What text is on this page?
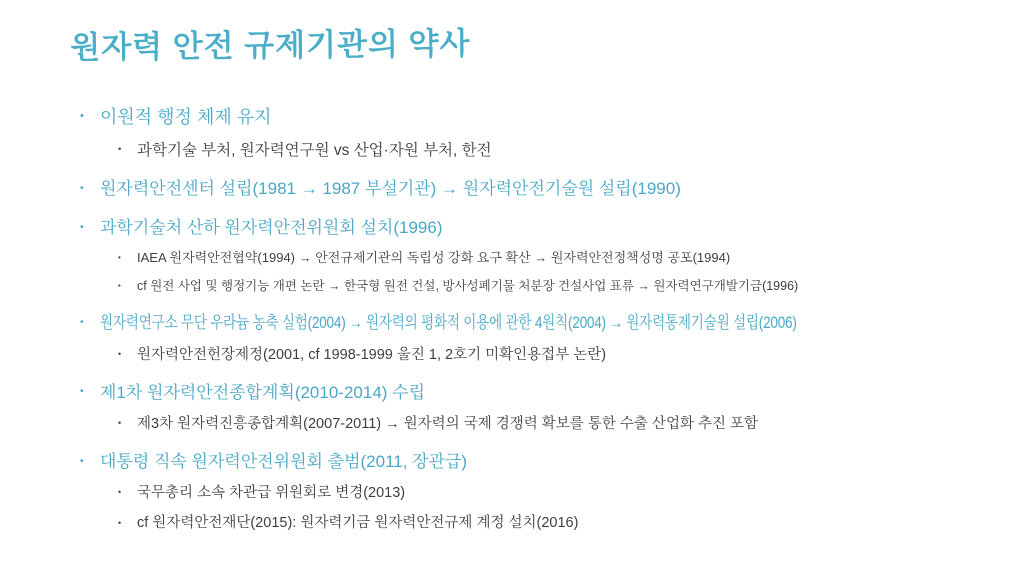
원자력 안전 규제기관의 약사
• 이원적 행정 체제 유지
•	과학기술 부처, 원자력연구원 vs 산업·자원 부처, 한전
• 원자력안전센터 설립(1981 → 1987 부설기관) → 원자력안전기술원 설립(1990)
• 과학기술처 산하 원자력안전위원회 설치(1996)
•	IAEA 원자력안전협약(1994) → 안전규제기관의 독립성 강화 요구 확산 → 원자력안전정책성명 공포(1994)
•	cf 원전 사업 및 행정기능 개편 논란 → 한국형 원전 건설, 방사성폐기물 처분장 건설사업 표류 → 원자력연구개발기금(1996)
• 원자력연구소 무단 우라늄 농축 실험(2004) → 원자력의 평화적 이용에 관한 4원칙(2004) → 원자력통제기술원 설립(2006)
•	원자력안전헌장제정(2001, cf 1998-1999 울진 1, 2호기 미확인용접부 논란)
• 제1차 원자력안전종합계획(2010-2014) 수립
•	제3차 원자력진흥종합계획(2007-2011) → 원자력의 국제 경쟁력 확보를 통한 수출 산업화 추진 포함
• 대통령 직속 원자력안전위원회 출범(2011, 장관급)
•	국무총리 소속 차관급 위원회로 변경(2013)
•	cf 원자력안전재단(2015): 원자력기금 원자력안전규제 계정 설치(2016)
